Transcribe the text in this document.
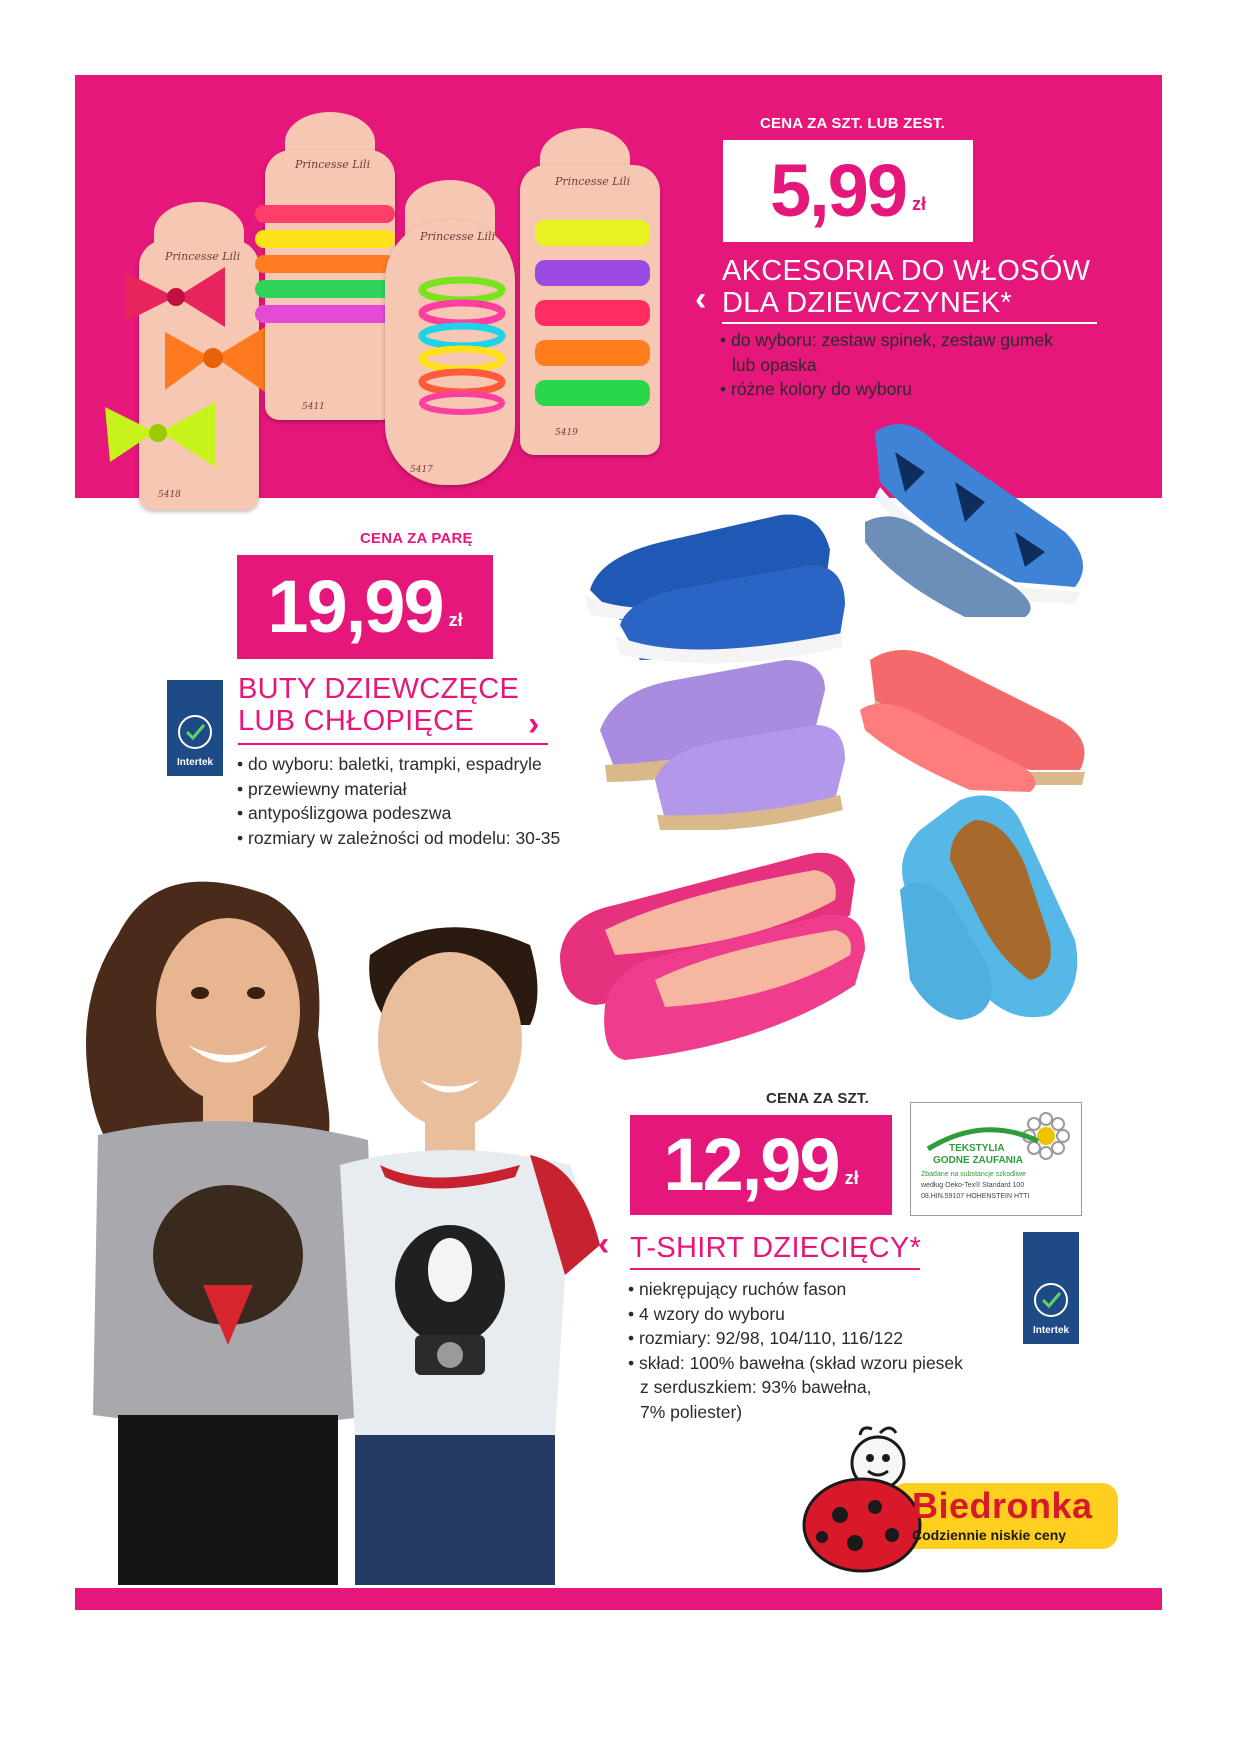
Princesse Lili
5418
Princesse Lili
5411
Princesse Lili
5417
Princesse Lili
5419
CENA ZA SZT. LUB ZEST.
5,99 zł
‹
AKCESORIA DO WŁOSÓW
DLA DZIEWCZYNEK*
• do wyboru: zestaw spinek, zestaw gumek
lub opaska
• różne kolory do wyboru
CENA ZA PARĘ
19,99 zł
Intertek
BUTY DZIEWCZĘCE
LUB CHŁOPIĘCE	›
• do wyboru: baletki, trampki, espadryle
• przewiewny materiał
• antypoślizgowa podeszwa
• rozmiary w zależności od modelu: 30-35
CENA ZA SZT.
12,99 zł
TEKSTYLIA
GODNE ZAUFANIA
Zbadane na substancje szkodliwe
według Oeko-Tex® Standard 100
08.HIN.59107 HOHENSTEIN HTTI
‹ T-SHIRT DZIECIĘCY*
• niekrępujący ruchów fason
• 4 wzory do wyboru
• rozmiary: 92/98, 104/110, 116/122
• skład: 100% bawełna (skład wzoru piesek
z serduszkiem: 93% bawełna,
7% poliester)
Intertek
Biedronka
Codziennie niskie ceny
